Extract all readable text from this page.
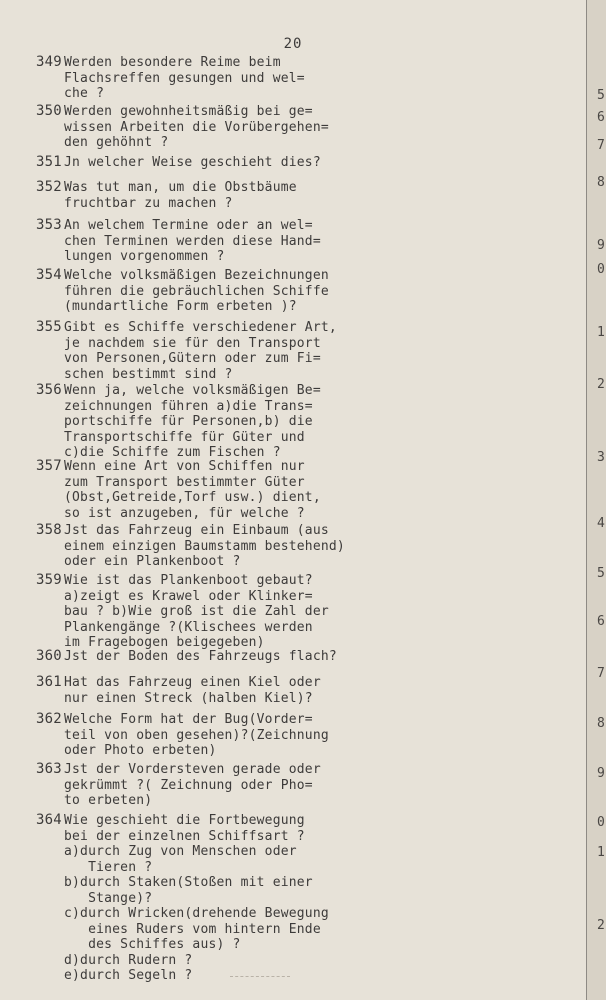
20
349 Werden besondere Reime beim
Flachsreffen gesungen und wel=
che ?
350 Werden gewohnheitsmäßig bei ge=
wissen Arbeiten die Vorübergehen=
den gehöhnt ?
351 Jn welcher Weise geschieht dies?
352 Was tut man, um die Obstbäume
fruchtbar zu machen ?
353 An welchem Termine oder an wel=
chen Terminen werden diese Hand=
lungen vorgenommen ?
354 Welche volksmäßigen Bezeichnungen
führen die gebräuchlichen Schiffe
(mundartliche Form erbeten )?
355 Gibt es Schiffe verschiedener Art,
je nachdem sie für den Transport
von Personen,Gütern oder zum Fi=
schen bestimmt sind ?
356 Wenn ja, welche volksmäßigen Be=
zeichnungen führen a)die Trans=
portschiffe für Personen,b) die
Transportschiffe für Güter und
c)die Schiffe zum Fischen ?
357 Wenn eine Art von Schiffen nur
zum Transport bestimmter Güter
(Obst,Getreide,Torf usw.) dient,
so ist anzugeben, für welche ?
358 Jst das Fahrzeug ein Einbaum (aus
einem einzigen Baumstamm bestehend)
oder ein Plankenboot ?
359 Wie ist das Plankenboot gebaut?
a)zeigt es Krawel oder Klinker=
bau ? b)Wie groß ist die Zahl der
Plankengänge ?(Klischees werden
im Fragebogen beigegeben)
360 Jst der Boden des Fahrzeugs flach?
361 Hat das Fahrzeug einen Kiel oder
nur einen Streck (halben Kiel)?
362 Welche Form hat der Bug(Vorder=
teil von oben gesehen)?(Zeichnung
oder Photo erbeten)
363 Jst der Vordersteven gerade oder
gekrümmt ?( Zeichnung oder Pho=
to erbeten)
364 Wie geschieht die Fortbewegung
bei der einzelnen Schiffsart ?
a)durch Zug von Menschen oder
Tieren ?
b)durch Staken(Stoßen mit einer
Stange)?
c)durch Wricken(drehende Bewegung
eines Ruders vom hintern Ende
des Schiffes aus) ?
d)durch Rudern ?
e)durch Segeln ?
5
6
7
8
9
0
1
2
3
4
5
6
7
8
9
0
1
2
